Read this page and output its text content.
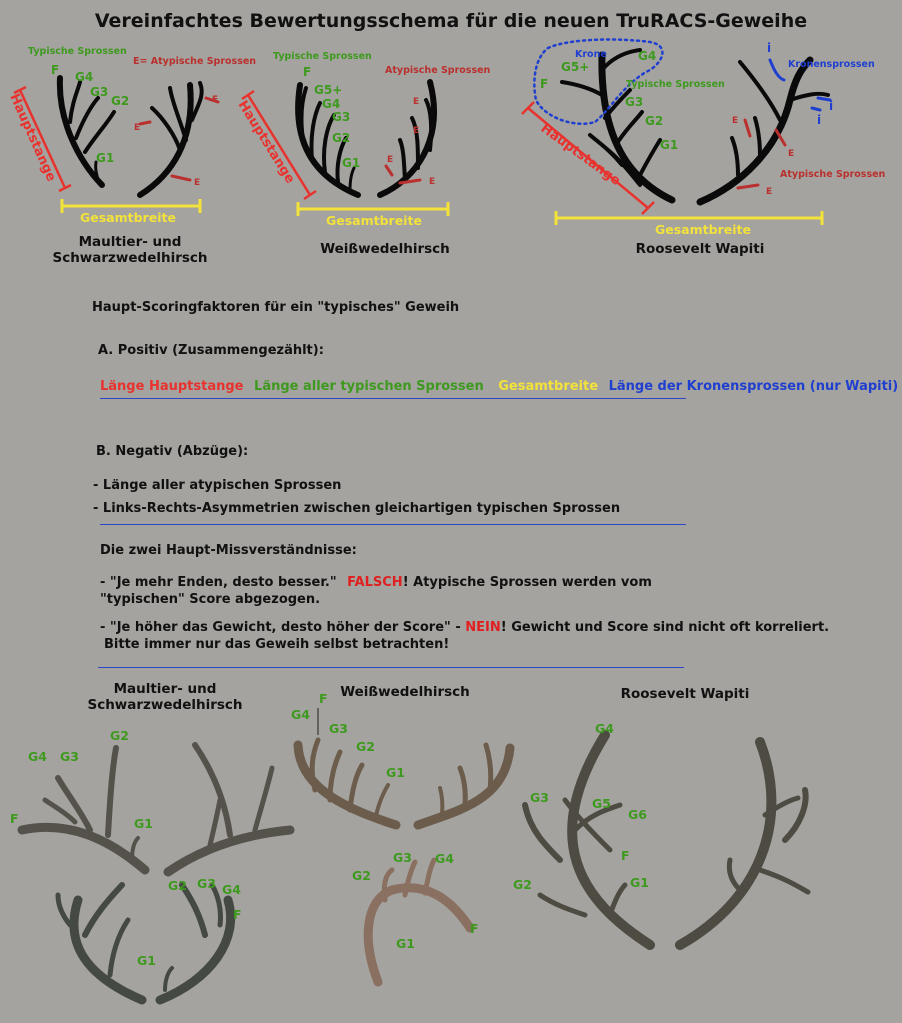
Vereinfachtes Bewertungsschema für die neuen TruRACS-Geweihe
Typische Sprossen
E= Atypische Sprossen
F G4
G3
G2
G1
E
E
E
Hauptstange
Gesamtbreite
Typische Sprossen
Atypische Sprossen
F
G5+
G4
G3
G2
G1
E
E
E
E
Hauptstange
Gesamtbreite
Krone
Kronensprossen
Typische Sprossen
Atypische Sprossen
G5+
G4
F
G3
G2
G1
i
i
i
E
E
E
Hauptstange
Gesamtbreite
Maultier- und Schwarzwedelhirsch
Weißwedelhirsch	Roosevelt Wapiti
Haupt-Scoringfaktoren für ein "typisches" Geweih
A. Positiv (Zusammengezählt):
Länge Hauptstange Länge aller typischen Sprossen Gesamtbreite Länge der Kronensprossen (nur Wapiti)
B. Negativ (Abzüge):
- Länge aller atypischen Sprossen
- Links-Rechts-Asymmetrien zwischen gleichartigen typischen Sprossen
Die zwei Haupt-Missverständnisse:
- "Je mehr Enden, desto besser." FALSCH! Atypische Sprossen werden vom
"typischen" Score abgezogen.
- "Je höher das Gewicht, desto höher der Score" - NEIN! Gewicht und Score sind nicht oft korreliert.
Bitte immer nur das Geweih selbst betrachten!
Maultier- und Schwarzwedelhirsch
Weißwedelhirsch	Roosevelt Wapiti
G4 G3
G2
F	G1
G2 G3 G4
F
G1
F
G4
G3
G2
G1
G3 G4
G2
F
G1
G4
G3	G5
G6
F
G2	G1
